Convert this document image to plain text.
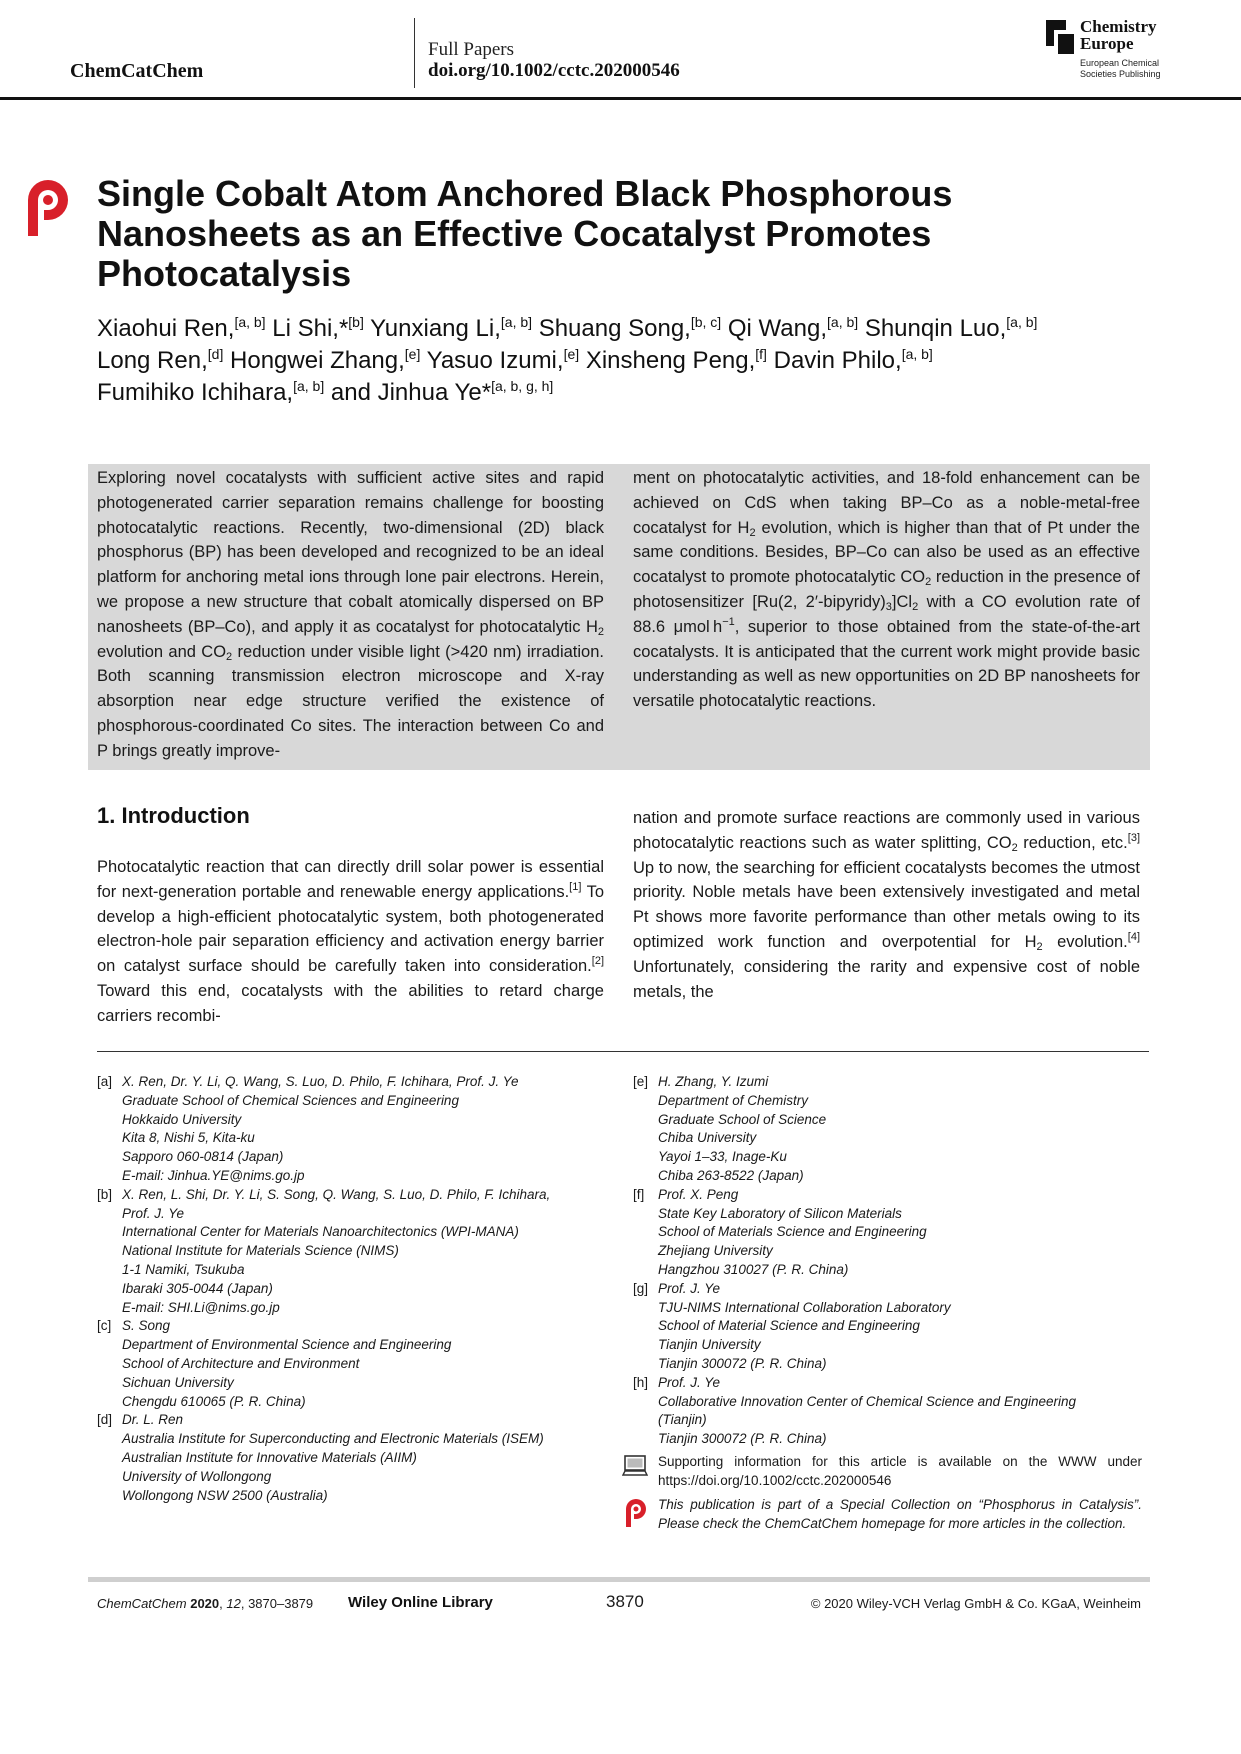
ChemCatChem
Full Papers
doi.org/10.1002/cctc.202000546
Chemistry
Europe
European Chemical
Societies Publishing
Single Cobalt Atom Anchored Black Phosphorous Nanosheets as an Effective Cocatalyst Promotes Photocatalysis
Xiaohui Ren,[a, b] Li Shi,*[b] Yunxiang Li,[a, b] Shuang Song,[b, c] Qi Wang,[a, b] Shunqin Luo,[a, b]
Long Ren,[d] Hongwei Zhang,[e] Yasuo Izumi,[e] Xinsheng Peng,[f] Davin Philo,[a, b]
Fumihiko Ichihara,[a, b] and Jinhua Ye*[a, b, g, h]
Exploring novel cocatalysts with sufficient active sites and rapid photogenerated carrier separation remains challenge for boosting photocatalytic reactions. Recently, two-dimensional (2D) black phosphorus (BP) has been developed and recognized to be an ideal platform for anchoring metal ions through lone pair electrons. Herein, we propose a new structure that cobalt atomically dispersed on BP nanosheets (BP–Co), and apply it as cocatalyst for photocatalytic $H_2$ evolution and $CO_2$ reduction under visible light (>420 nm) irradiation. Both scanning transmission electron microscope and X-ray absorption near edge structure verified the existence of phosphorous-coordinated Co sites. The interaction between Co and P brings greatly improve-
ment on photocatalytic activities, and 18-fold enhancement can be achieved on CdS when taking BP–Co as a noble-metal-free cocatalyst for $H_2$ evolution, which is higher than that of Pt under the same conditions. Besides, BP–Co can also be used as an effective cocatalyst to promote photocatalytic $CO_2$ reduction in the presence of photosensitizer [Ru(2, $2'-bipyridy)_3]Cl_2$ with a CO evolution rate of 88.6 μmol $h^{-1}$, superior to those obtained from the state-of-the-art cocatalysts. It is anticipated that the current work might provide basic understanding as well as new opportunities on 2D BP nanosheets for versatile photocatalytic reactions.
1. Introduction
Photocatalytic reaction that can directly drill solar power is essential for next-generation portable and renewable energy applications.[1] To develop a high-efficient photocatalytic system, both photogenerated electron-hole pair separation efficiency and activation energy barrier on catalyst surface should be carefully taken into consideration.[2] Toward this end, cocatalysts with the abilities to retard charge carriers recombi-
nation and promote surface reactions are commonly used in various photocatalytic reactions such as water splitting, $CO_2$ reduction, etc.[3] Up to now, the searching for efficient cocatalysts becomes the utmost priority. Noble metals have been extensively investigated and metal Pt shows more favorite performance than other metals owing to its optimized work function and overpotential for $H_2$ evolution.[4] Unfortunately, considering the rarity and expensive cost of noble metals, the
[a] X. Ren, Dr. Y. Li, Q. Wang, S. Luo, D. Philo, F. Ichihara, Prof. J. Ye
Graduate School of Chemical Sciences and Engineering
Hokkaido University
Kita 8, Nishi 5, Kita-ku
Sapporo 060-0814 (Japan)
E-mail: Jinhua.YE@nims.go.jp
[b] X. Ren, L. Shi, Dr. Y. Li, S. Song, Q. Wang, S. Luo, D. Philo, F. Ichihara,
Prof. J. Ye
International Center for Materials Nanoarchitectonics (WPI-MANA)
National Institute for Materials Science (NIMS)
1-1 Namiki, Tsukuba
Ibaraki 305-0044 (Japan)
E-mail: SHI.Li@nims.go.jp
[c] S. Song
Department of Environmental Science and Engineering
School of Architecture and Environment
Sichuan University
Chengdu 610065 (P. R. China)
[d] Dr. L. Ren
Australia Institute for Superconducting and Electronic Materials (ISEM)
Australian Institute for Innovative Materials (AIIM)
University of Wollongong
Wollongong NSW 2500 (Australia)
[e] H. Zhang, Y. Izumi
Department of Chemistry
Graduate School of Science
Chiba University
Yayoi 1–33, Inage-Ku
Chiba 263-8522 (Japan)
[f] Prof. X. Peng
State Key Laboratory of Silicon Materials
School of Materials Science and Engineering
Zhejiang University
Hangzhou 310027 (P. R. China)
[g] Prof. J. Ye
TJU-NIMS International Collaboration Laboratory
School of Material Science and Engineering
Tianjin University
Tianjin 300072 (P. R. China)
[h] Prof. J. Ye
Collaborative Innovation Center of Chemical Science and Engineering
(Tianjin)
Tianjin 300072 (P. R. China)
Supporting information for this article is available on the WWW under https://doi.org/10.1002/cctc.202000546
This publication is part of a Special Collection on “Phosphorus in Catalysis”. Please check the ChemCatChem homepage for more articles in the collection.
ChemCatChem 2020, 12, 3870–3879 Wiley Online Library	3870	© 2020 Wiley-VCH Verlag GmbH & Co. KGaA, Weinheim
